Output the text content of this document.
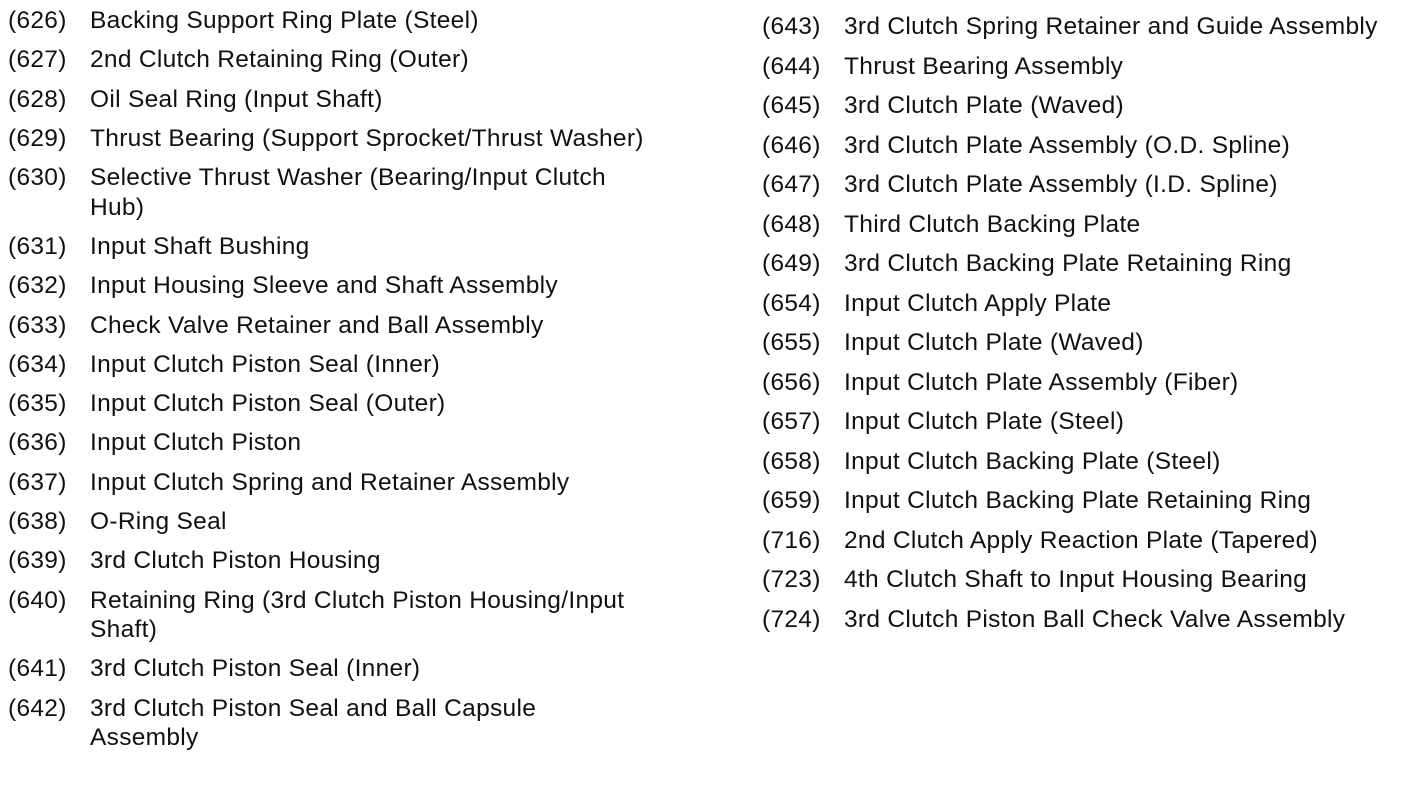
(626) Backing Support Ring Plate (Steel)
(627) 2nd Clutch Retaining Ring (Outer)
(628) Oil Seal Ring (Input Shaft)
(629) Thrust Bearing (Support Sprocket/Thrust Washer)
(630) Selective Thrust Washer (Bearing/Input Clutch Hub)
(631) Input Shaft Bushing
(632) Input Housing Sleeve and Shaft Assembly
(633) Check Valve Retainer and Ball Assembly
(634) Input Clutch Piston Seal (Inner)
(635) Input Clutch Piston Seal (Outer)
(636) Input Clutch Piston
(637) Input Clutch Spring and Retainer Assembly
(638) O-Ring Seal
(639) 3rd Clutch Piston Housing
(640) Retaining Ring (3rd Clutch Piston Housing/Input Shaft)
(641) 3rd Clutch Piston Seal (Inner)
(642) 3rd Clutch Piston Seal and Ball Capsule Assembly
(643) 3rd Clutch Spring Retainer and Guide Assembly
(644) Thrust Bearing Assembly
(645) 3rd Clutch Plate (Waved)
(646) 3rd Clutch Plate Assembly (O.D. Spline)
(647) 3rd Clutch Plate Assembly (I.D. Spline)
(648) Third Clutch Backing Plate
(649) 3rd Clutch Backing Plate Retaining Ring
(654) Input Clutch Apply Plate
(655) Input Clutch Plate (Waved)
(656) Input Clutch Plate Assembly (Fiber)
(657) Input Clutch Plate (Steel)
(658) Input Clutch Backing Plate (Steel)
(659) Input Clutch Backing Plate Retaining Ring
(716) 2nd Clutch Apply Reaction Plate (Tapered)
(723) 4th Clutch Shaft to Input Housing Bearing
(724) 3rd Clutch Piston Ball Check Valve Assembly
